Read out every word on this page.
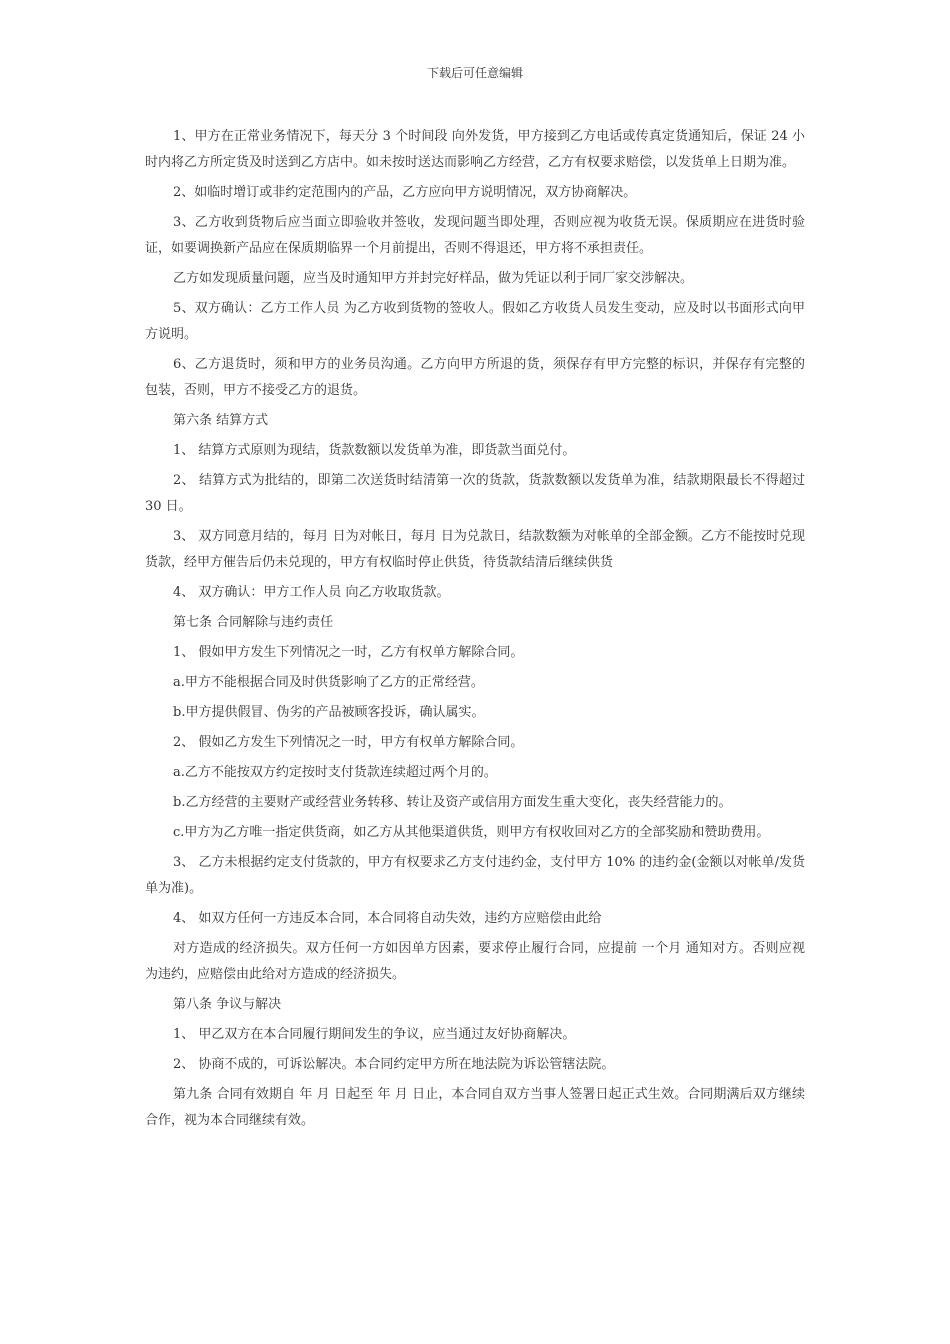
下载后可任意编辑

1、甲方在正常业务情况下，每天分 3 个时间段 向外发货，甲方接到乙方电话或传真定货通知后，保证 24 小时内将乙方所定货及时送到乙方店中。如未按时送达而影响乙方经营，乙方有权要求赔偿，以发货单上日期为准。

2、如临时增订或非约定范围内的产品，乙方应向甲方说明情况，双方协商解决。

3、乙方收到货物后应当面立即验收并签收，发现问题当即处理，否则应视为收货无误。保质期应在进货时验证，如要调换新产品应在保质期临界一个月前提出，否则不得退还，甲方将不承担责任。

乙方如发现质量问题，应当及时通知甲方并封完好样品，做为凭证以利于同厂家交涉解决。

5、双方确认：乙方工作人员 为乙方收到货物的签收人。假如乙方收货人员发生变动，应及时以书面形式向甲方说明。

6、乙方退货时，须和甲方的业务员沟通。乙方向甲方所退的货，须保存有甲方完整的标识，并保存有完整的包装，否则，甲方不接受乙方的退货。

第六条 结算方式

1、 结算方式原则为现结，货款数额以发货单为准，即货款当面兑付。

2、 结算方式为批结的，即第二次送货时结清第一次的货款，货款数额以发货单为准，结款期限最长不得超过 30 日。

3、 双方同意月结的，每月 日为对帐日，每月 日为兑款日，结款数额为对帐单的全部金额。乙方不能按时兑现货款，经甲方催告后仍未兑现的，甲方有权临时停止供货，待货款结清后继续供货

4、 双方确认：甲方工作人员 向乙方收取货款。

第七条 合同解除与违约责任

1、 假如甲方发生下列情况之一时，乙方有权单方解除合同。

a.甲方不能根据合同及时供货影响了乙方的正常经营。

b.甲方提供假冒、伪劣的产品被顾客投诉，确认属实。

2、 假如乙方发生下列情况之一时，甲方有权单方解除合同。

a.乙方不能按双方约定按时支付货款连续超过两个月的。

b.乙方经营的主要财产或经营业务转移、转让及资产或信用方面发生重大变化，丧失经营能力的。

c.甲方为乙方唯一指定供货商，如乙方从其他渠道供货，则甲方有权收回对乙方的全部奖励和赞助费用。

3、 乙方未根据约定支付货款的，甲方有权要求乙方支付违约金，支付甲方 10% 的违约金(金额以对帐单/发货单为准)。

4、 如双方任何一方违反本合同，本合同将自动失效，违约方应赔偿由此给

对方造成的经济损失。双方任何一方如因单方因素，要求停止履行合同，应提前 一个月 通知对方。否则应视为违约，应赔偿由此给对方造成的经济损失。

第八条 争议与解决

1、 甲乙双方在本合同履行期间发生的争议，应当通过友好协商解决。

2、 协商不成的，可诉讼解决。本合同约定甲方所在地法院为诉讼管辖法院。

第九条 合同有效期自 年 月 日起至 年 月 日止，本合同自双方当事人签署日起正式生效。合同期满后双方继续合作，视为本合同继续有效。
